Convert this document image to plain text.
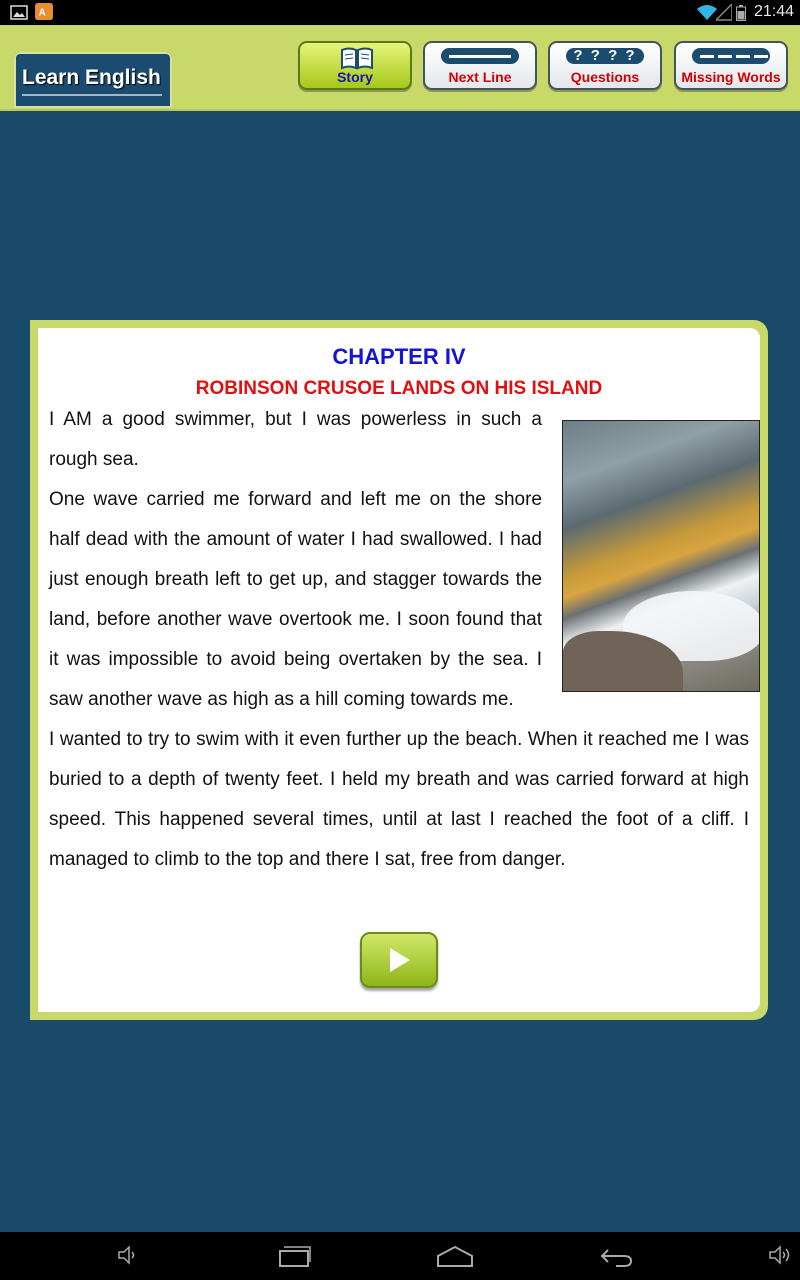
A	21:44
Learn English	Story	Next Line
? ? ? ?
Questions	Missing Words
CHAPTER IV
ROBINSON CRUSOE LANDS ON HIS ISLAND

I AM a good swimmer, but I was powerless in such a rough sea.

One wave carried me forward and left me on the shore half dead with the amount of water I had swallowed. I had just enough breath left to get up, and stagger towards the land, before another wave overtook me. I soon found that it was impossible to avoid being overtaken by the sea. I saw another wave as high as a hill coming towards me.

I wanted to try to swim with it even further up the beach. When it reached me I was buried to a depth of twenty feet. I held my breath and was carried forward at high speed. This happened several times, until at last I reached the foot of a cliff. I managed to climb to the top and there I sat, free from danger.
